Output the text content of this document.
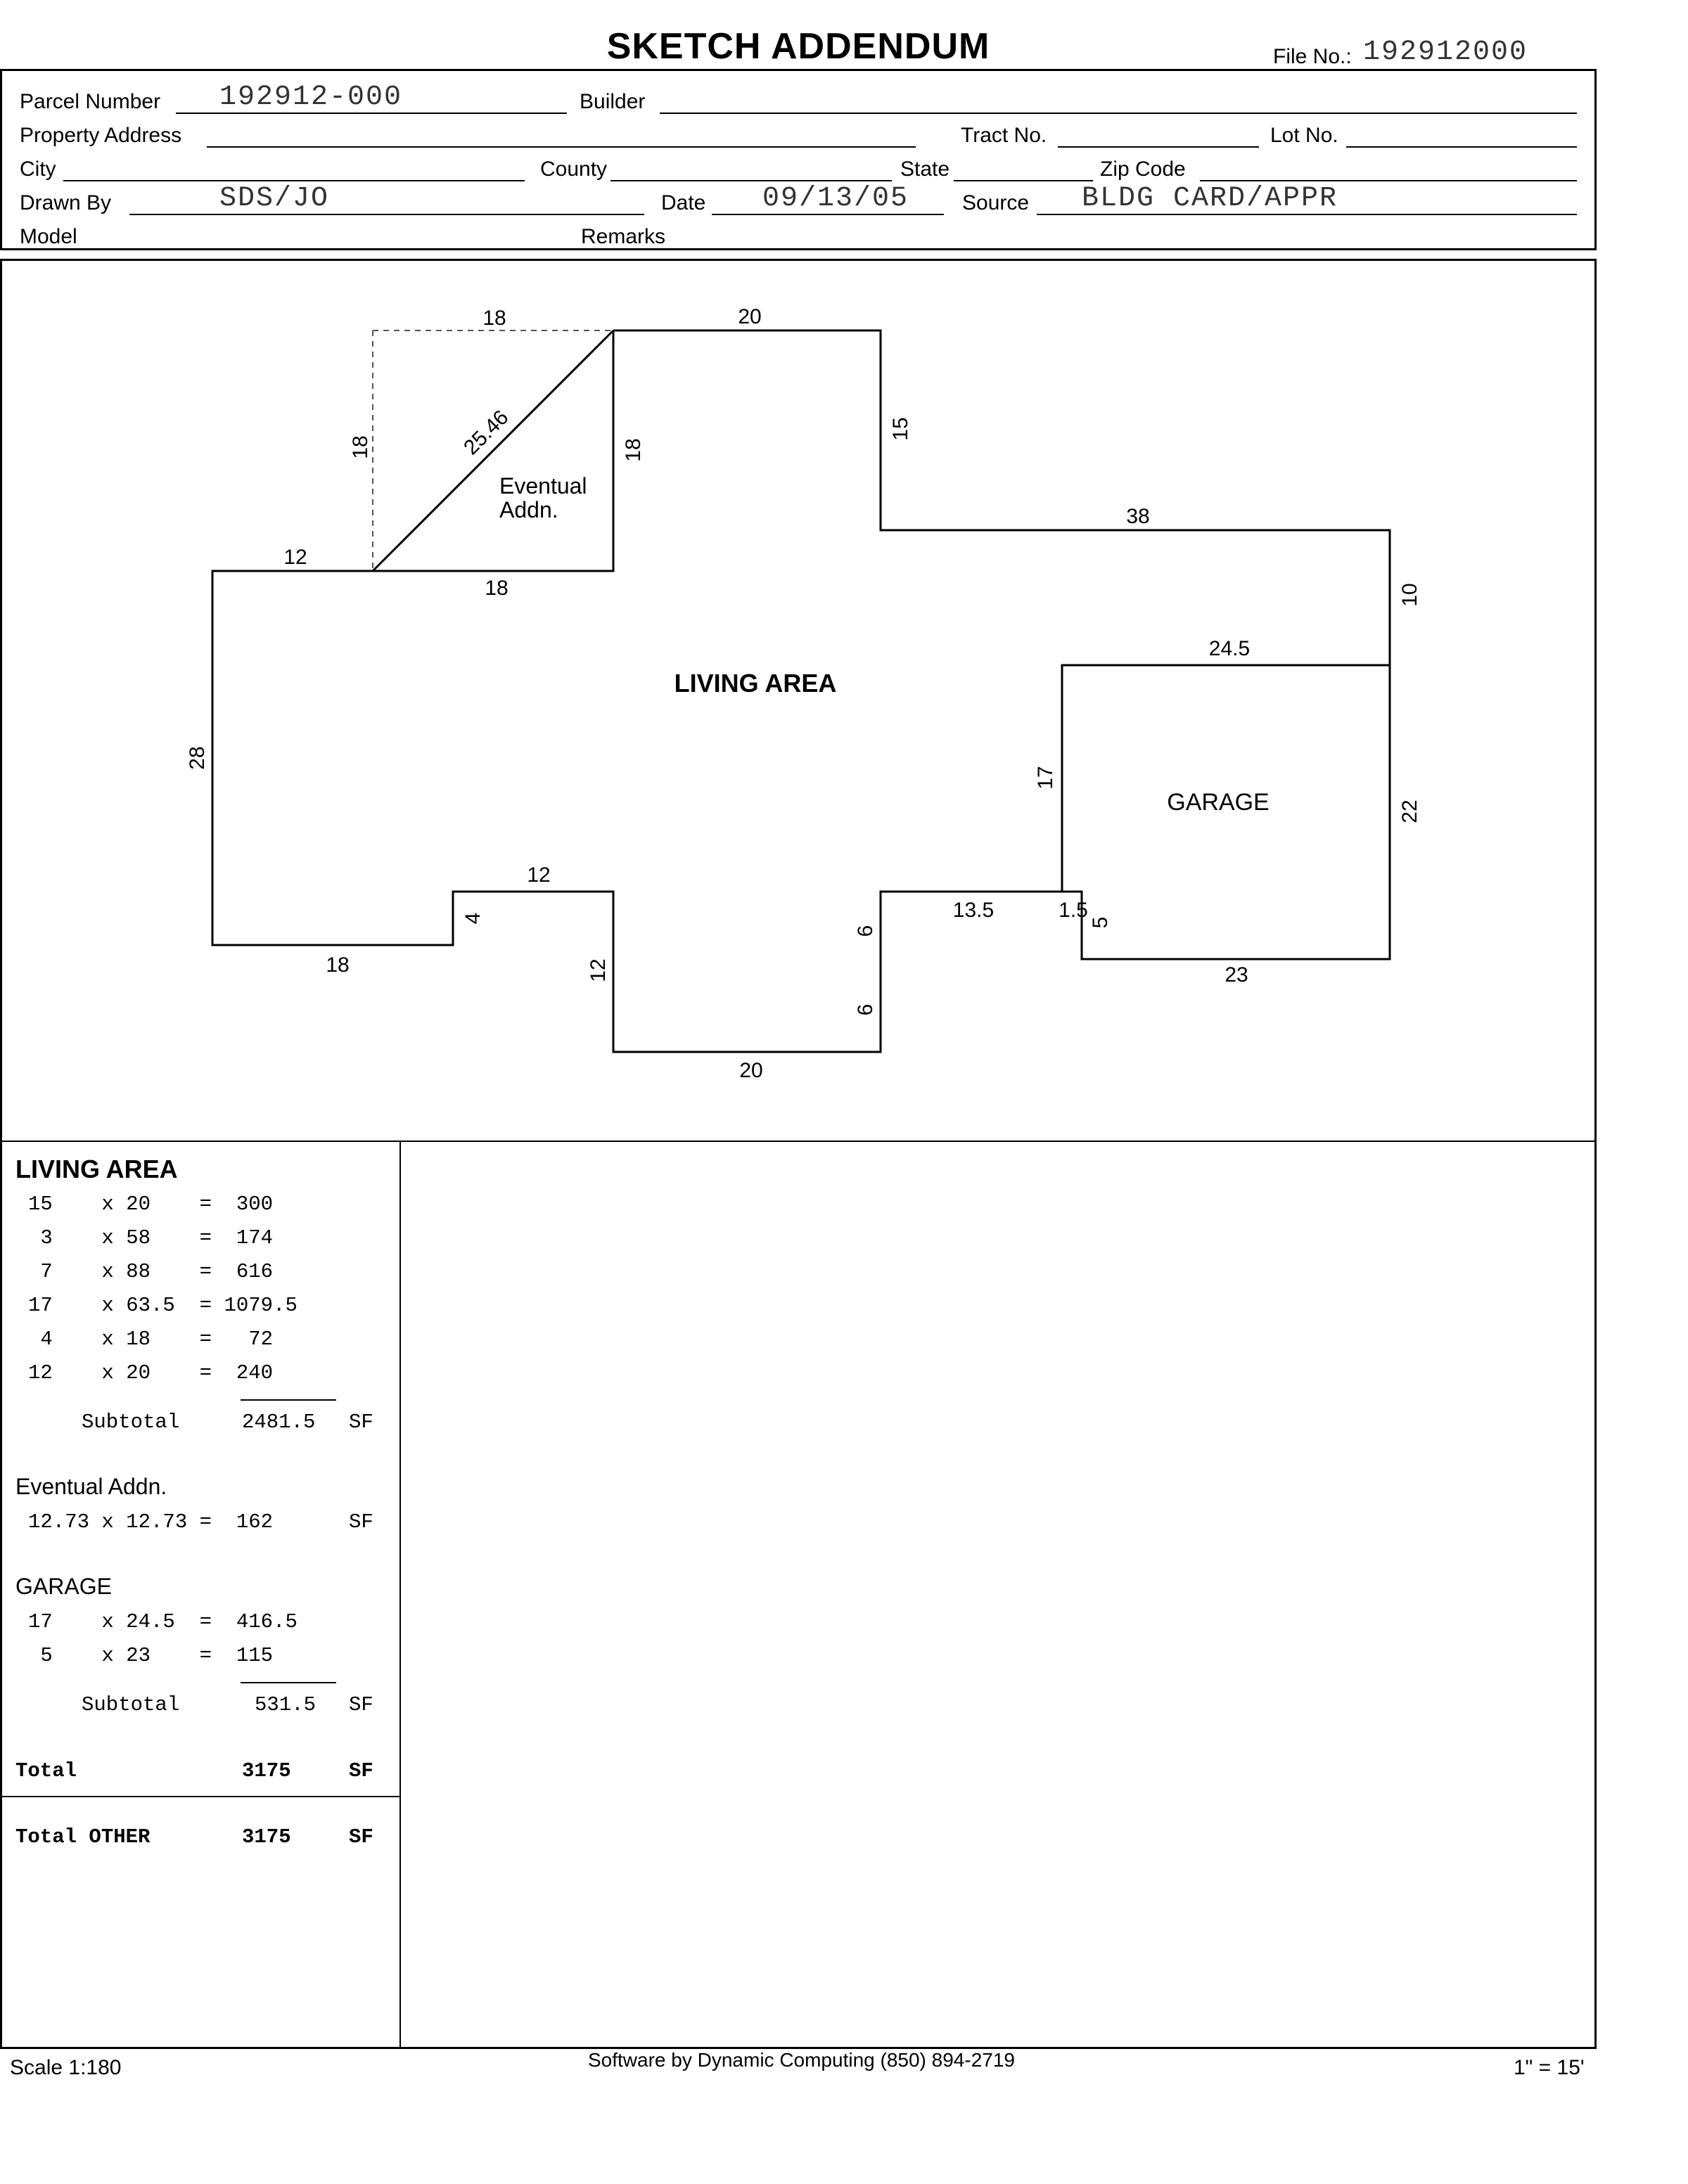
SKETCH ADDENDUM	File No.: 192912000
Parcel Number 192912-000	Builder
Property Address	Tract No.	Lot No.
City	County	State	Zip Code
Drawn By	SDS/JO	Date 09/13/05	Source BLDG CARD/APPR
Model	Remarks
18	20
18	25.46	18
15
38
12
18	10
24.5
28
17
22
12
4
18	12
6
6
13.5	1.5
5
23
20
LIVING AREA
Eventual
Addn.
GARAGE
LIVING AREA
15    x 20    =  300
3    x 58    =  174
7    x 88    =  616
17    x 63.5  = 1079.5
4    x 18    =   72
12    x 20    =  240
Subtotal	2481.5 SF
Eventual Addn.
12.73 x 12.73 =  162	SF
GARAGE
17    x 24.5  =  416.5
5    x 23    =  115
Subtotal	531.5 SF
Total	3175	SF
Total OTHER	3175	SF
Scale 1:180	Software by Dynamic Computing (850) 894-2719	1" = 15'
